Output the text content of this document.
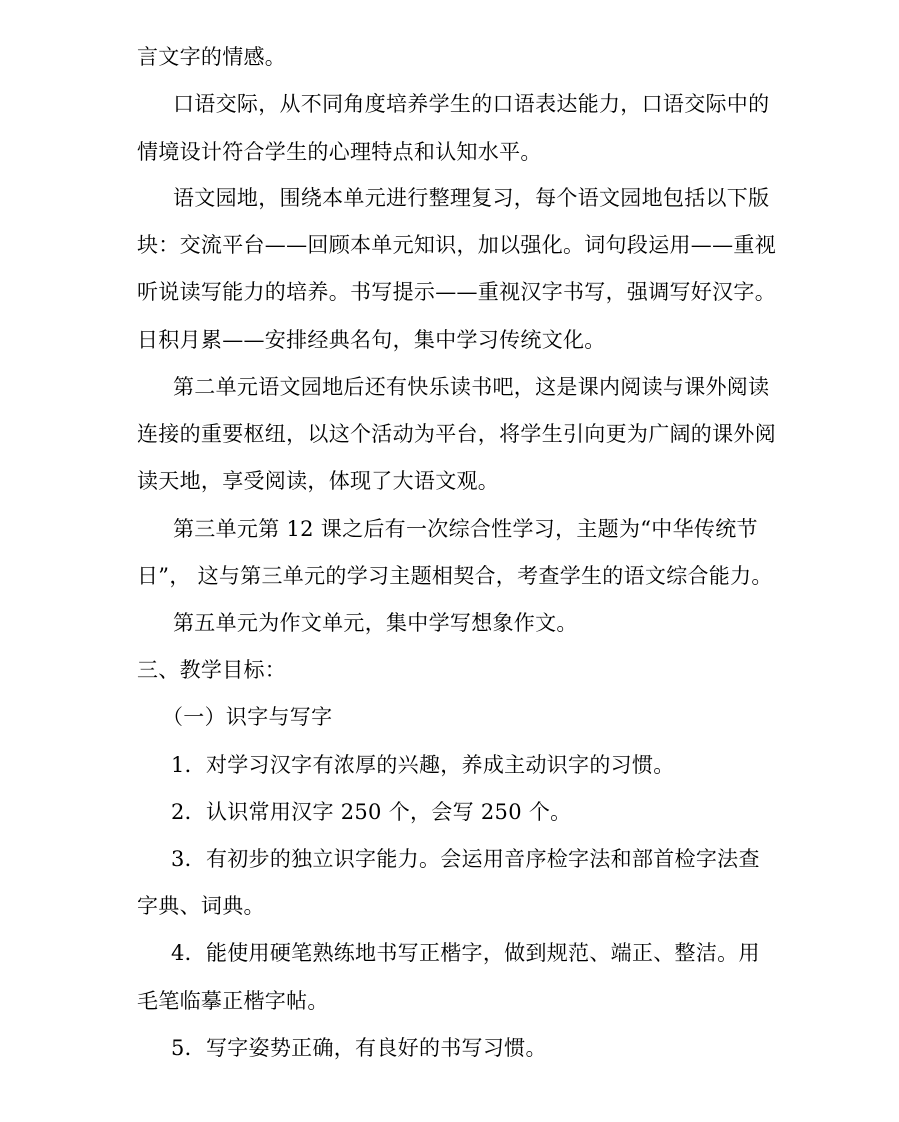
言文字的情感。
口语交际，从不同角度培养学生的口语表达能力，口语交际中的
情境设计符合学生的心理特点和认知水平。
语文园地，围绕本单元进行整理复习，每个语文园地包括以下版
块：交流平台——回顾本单元知识，加以强化。词句段运用——重视
听说读写能力的培养。书写提示——重视汉字书写，强调写好汉字。
日积月累——安排经典名句，集中学习传统文化。
第二单元语文园地后还有快乐读书吧，这是课内阅读与课外阅读
连接的重要枢纽，以这个活动为平台，将学生引向更为广阔的课外阅
读天地，享受阅读，体现了大语文观。
第三单元第 12 课之后有一次综合性学习，主题为“中华传统节
日”， 这与第三单元的学习主题相契合，考查学生的语文综合能力。
第五单元为作文单元，集中学写想象作文。
三、教学目标：
（一）识字与写字
1．对学习汉字有浓厚的兴趣，养成主动识字的习惯。
2．认识常用汉字 250 个，会写 250 个。
3．有初步的独立识字能力。会运用音序检字法和部首检字法查
字典、词典。
4．能使用硬笔熟练地书写正楷字，做到规范、端正、整洁。用
毛笔临摹正楷字帖。
5．写字姿势正确，有良好的书写习惯。
